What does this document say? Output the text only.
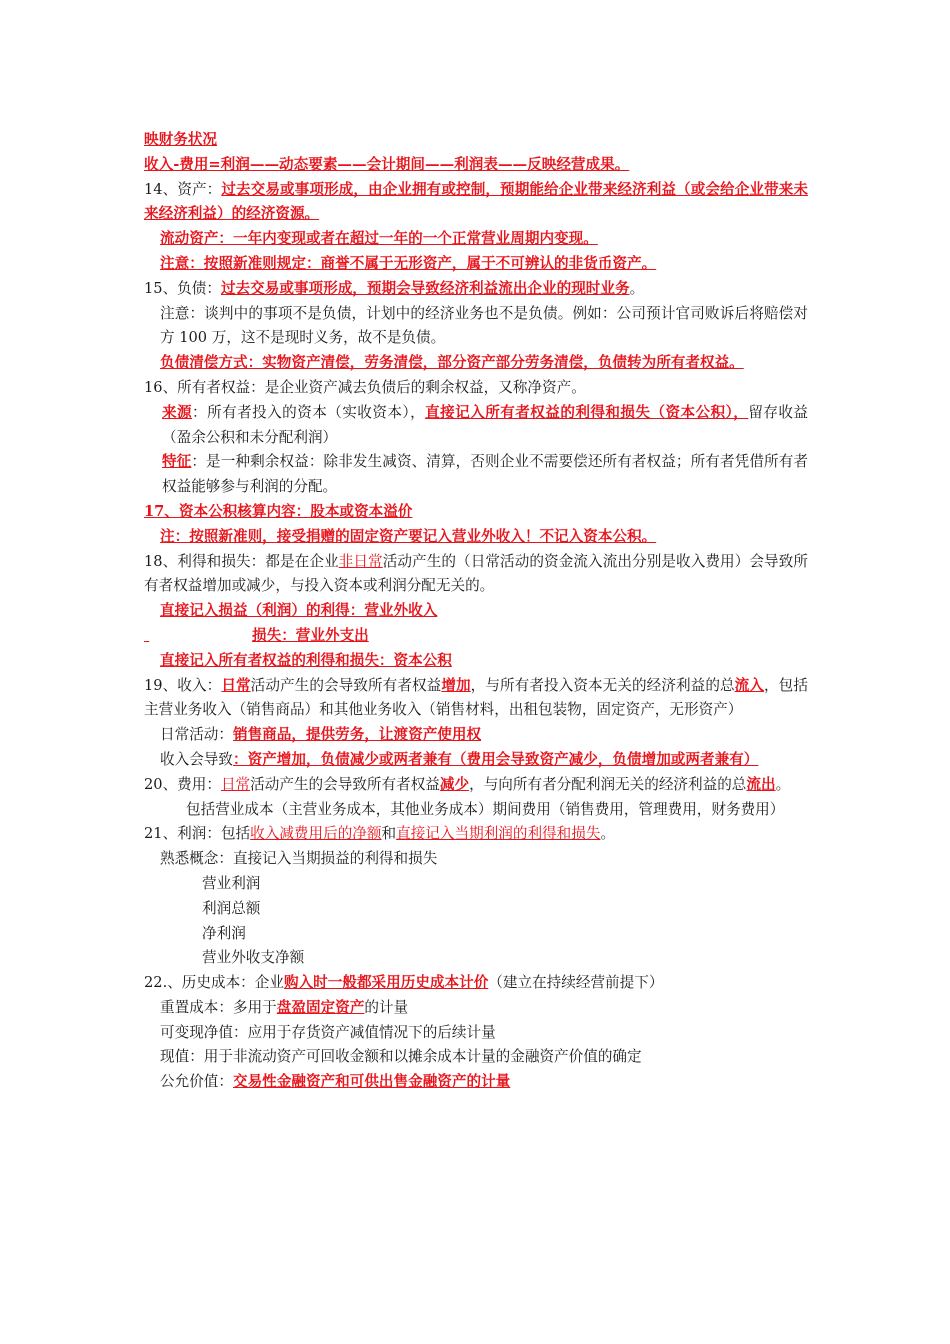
映财务状况

收入-费用=利润——动态要素——会计期间——利润表——反映经营成果。

14、资产：过去交易或事项形成，由企业拥有或控制，预期能给企业带来经济利益（或会给企业带来未来经济利益）的经济资源。

流动资产：一年内变现或者在超过一年的一个正常营业周期内变现。

注意：按照新准则规定：商誉不属于无形资产，属于不可辨认的非货币资产。

15、负债：过去交易或事项形成，预期会导致经济利益流出企业的现时业务。

注意：谈判中的事项不是负债，计划中的经济业务也不是负债。例如：公司预计官司败诉后将赔偿对方 100 万，这不是现时义务，故不是负债。

负债清偿方式：实物资产清偿，劳务清偿，部分资产部分劳务清偿，负债转为所有者权益。

16、所有者权益：是企业资产减去负债后的剩余权益，又称净资产。

来源：所有者投入的资本（实收资本），直接记入所有者权益的利得和损失（资本公积），留存收益（盈余公积和未分配利润）

特征：是一种剩余权益：除非发生减资、清算，否则企业不需要偿还所有者权益；所有者凭借所有者权益能够参与利润的分配。

17、资本公积核算内容：股本或资本溢价

注：按照新准则，接受捐赠的固定资产要记入营业外收入！不记入资本公积。

18、利得和损失：都是在企业非日常活动产生的（日常活动的资金流入流出分别是收入费用）会导致所有者权益增加或减少，与投入资本或利润分配无关的。

直接记入损益（利润）的利得：营业外收入

损失：营业外支出

直接记入所有者权益的利得和损失：资本公积

19、收入：日常活动产生的会导致所有者权益增加，与所有者投入资本无关的经济利益的总流入，包括主营业务收入（销售商品）和其他业务收入（销售材料，出租包装物，固定资产，无形资产）

日常活动：销售商品，提供劳务，让渡资产使用权

收入会导致：资产增加，负债减少或两者兼有（费用会导致资产减少，负债增加或两者兼有）

20、费用：日常活动产生的会导致所有者权益减少，与向所有者分配利润无关的经济利益的总流出。

包括营业成本（主营业务成本，其他业务成本）期间费用（销售费用，管理费用，财务费用）

21、利润：包括收入减费用后的净额和直接记入当期利润的利得和损失。

熟悉概念：直接记入当期损益的利得和损失

营业利润

利润总额

净利润

营业外收支净额

22.、历史成本：企业购入时一般都采用历史成本计价（建立在持续经营前提下）

重置成本：多用于盘盈固定资产的计量

可变现净值：应用于存货资产减值情况下的后续计量

现值：用于非流动资产可回收金额和以摊余成本计量的金融资产价值的确定

公允价值：交易性金融资产和可供出售金融资产的计量
